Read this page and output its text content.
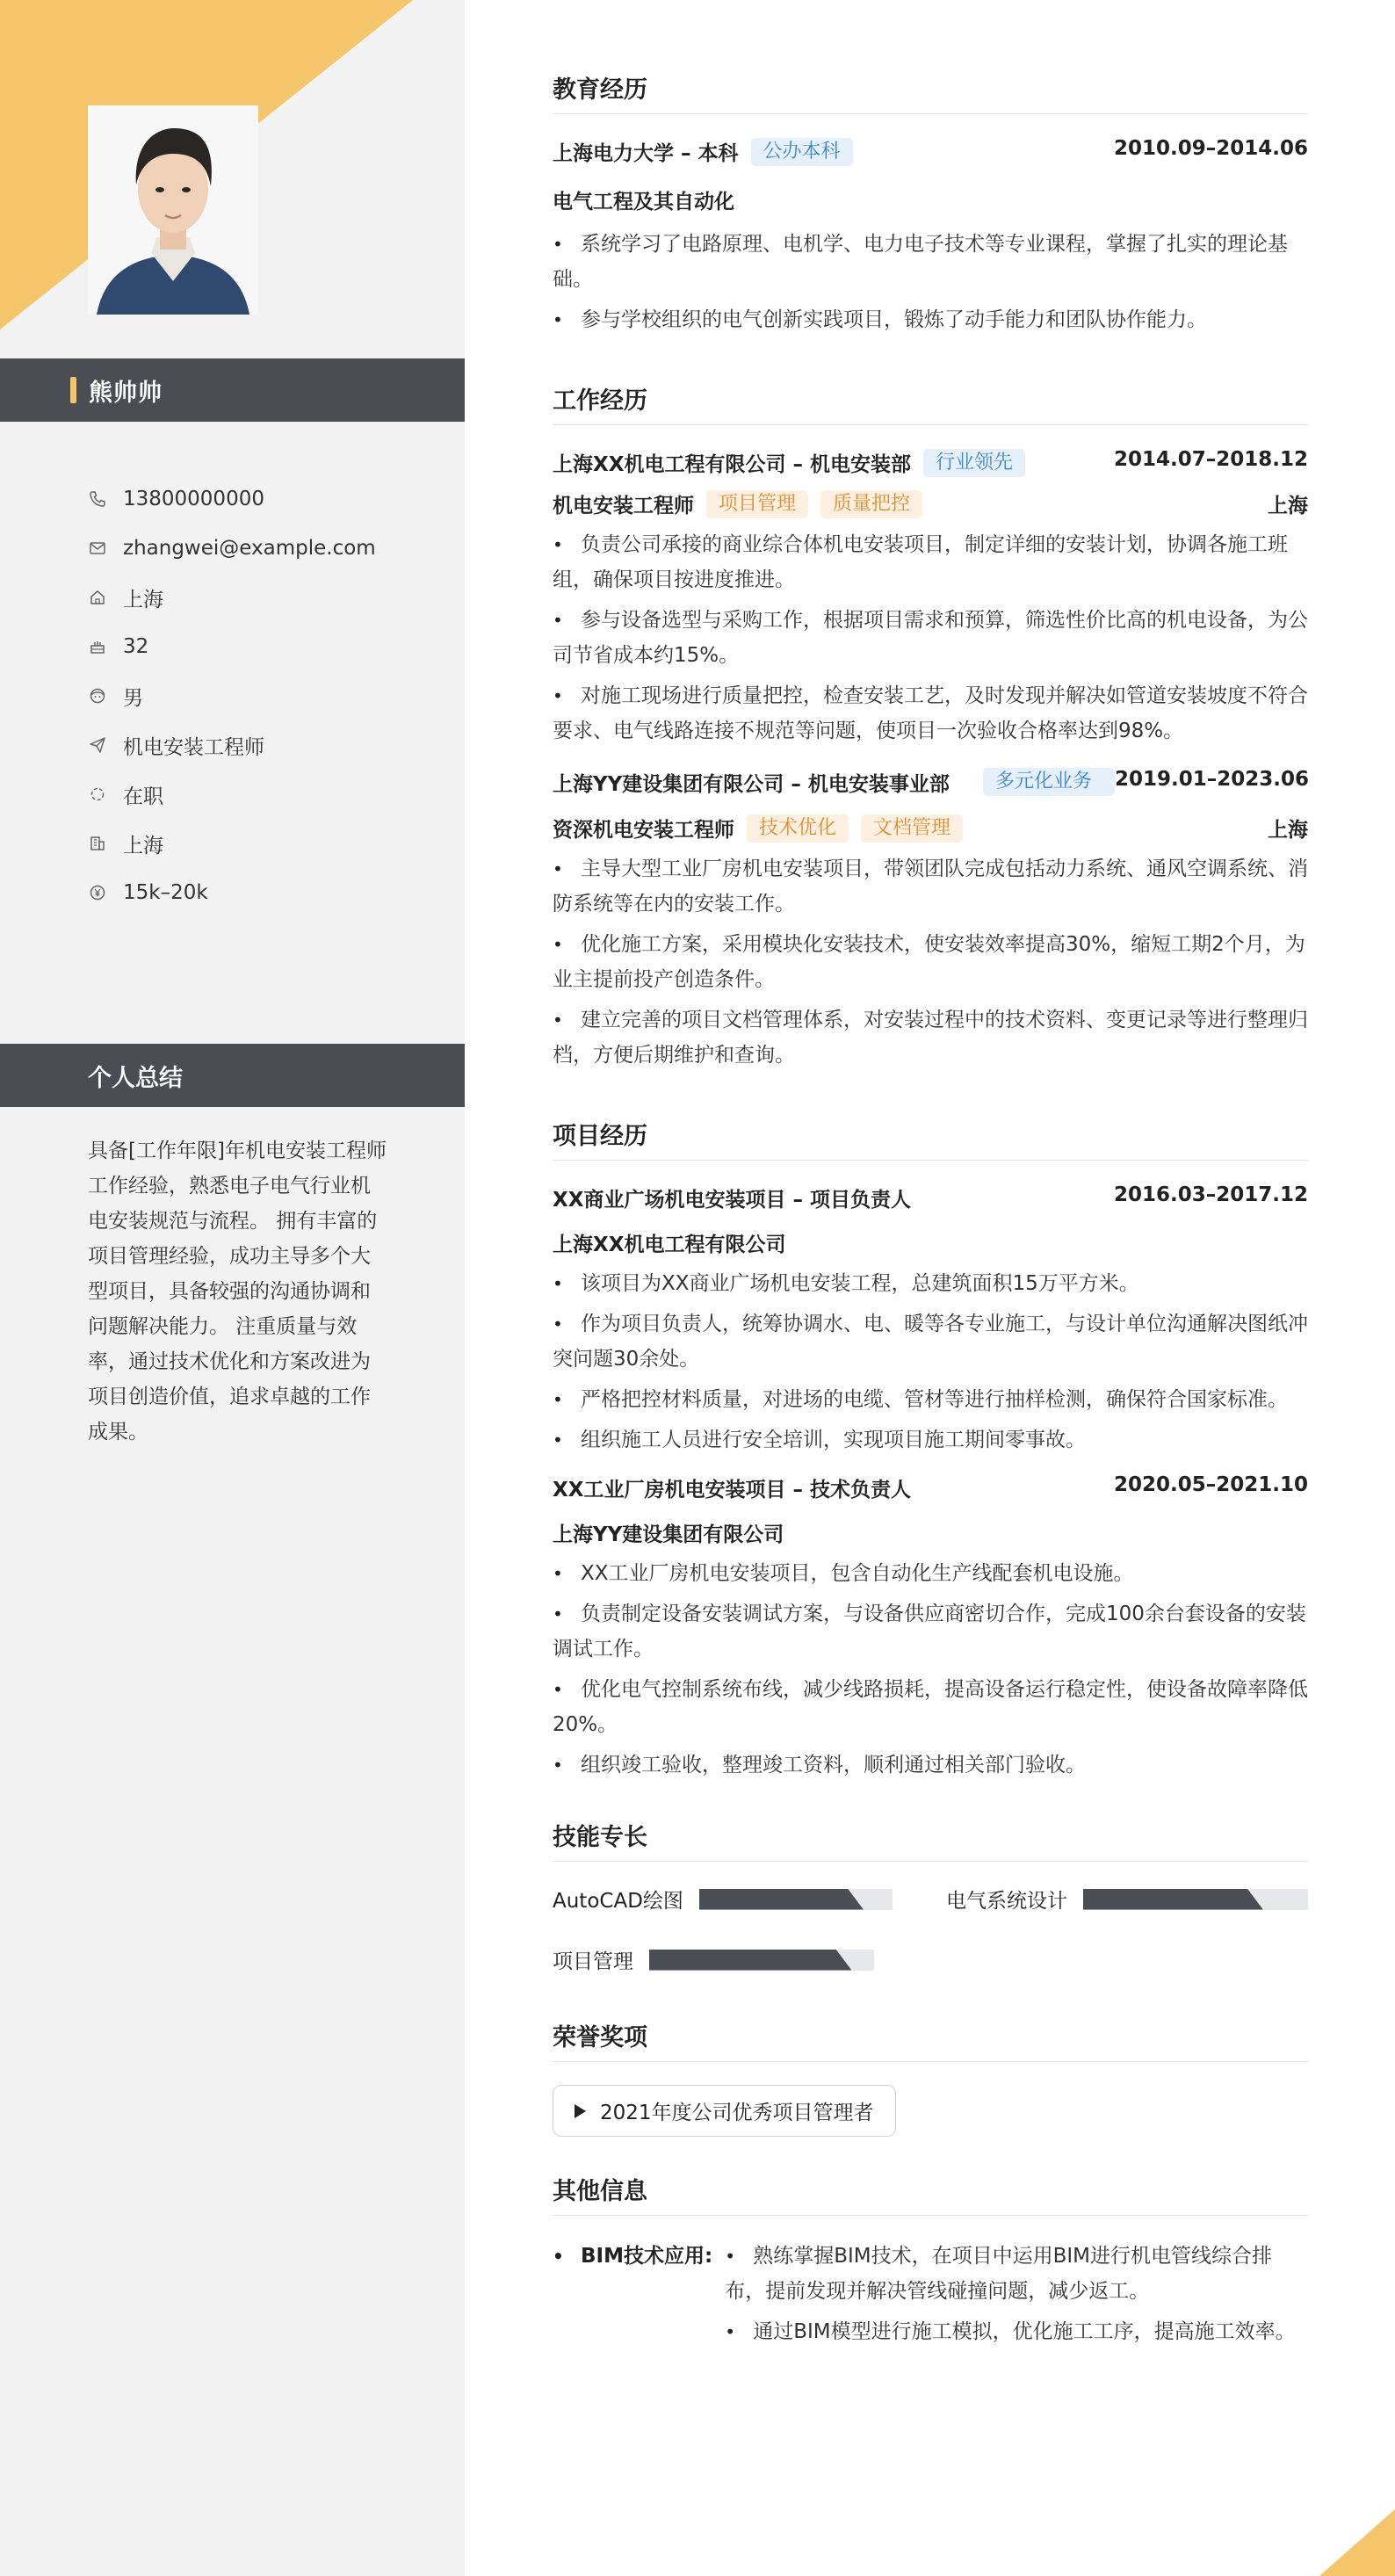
熊帅帅
13800000000
zhangwei@example.com
上海
32
男
机电安装工程师
在职
上海
15k–20k
个人总结

具备[工作年限]年机电安装工程师工作经验，熟悉电子电气行业机电安装规范与流程。 拥有丰富的项目管理经验，成功主导多个大型项目，具备较强的沟通协调和问题解决能力。 注重质量与效率，通过技术优化和方案改进为项目创造价值，追求卓越的工作成果。

教育经历
上海电力大学 – 本科	公办本科	2010.09–2014.06
电气工程及其自动化
• 系统学习了电路原理、电机学、电力电子技术等专业课程，掌握了扎实的理论基础。
• 参与学校组织的电气创新实践项目，锻炼了动手能力和团队协作能力。
工作经历
上海XX机电工程有限公司 – 机电安装部	行业领先	2014.07–2018.12
机电安装工程师	项目管理	质量把控	上海
• 负责公司承接的商业综合体机电安装项目，制定详细的安装计划，协调各施工班组，确保项目按进度推进。
• 参与设备选型与采购工作，根据项目需求和预算，筛选性价比高的机电设备，为公司节省成本约15%。
• 对施工现场进行质量把控，检查安装工艺，及时发现并解决如管道安装坡度不符合要求、电气线路连接不规范等问题，使项目一次验收合格率达到98%。
上海YY建设集团有限公司 – 机电安装事业部	多元化业务	2019.01–2023.06
资深机电安装工程师	技术优化	文档管理	上海
• 主导大型工业厂房机电安装项目，带领团队完成包括动力系统、通风空调系统、消防系统等在内的安装工作。
• 优化施工方案，采用模块化安装技术，使安装效率提高30%，缩短工期2个月，为业主提前投产创造条件。
• 建立完善的项目文档管理体系，对安装过程中的技术资料、变更记录等进行整理归档，方便后期维护和查询。
项目经历
XX商业广场机电安装项目 – 项目负责人	2016.03–2017.12
上海XX机电工程有限公司
• 该项目为XX商业广场机电安装工程，总建筑面积15万平方米。
• 作为项目负责人，统筹协调水、电、暖等各专业施工，与设计单位沟通解决图纸冲突问题30余处。
• 严格把控材料质量，对进场的电缆、管材等进行抽样检测，确保符合国家标准。
• 组织施工人员进行安全培训，实现项目施工期间零事故。
XX工业厂房机电安装项目 – 技术负责人	2020.05–2021.10
上海YY建设集团有限公司
• XX工业厂房机电安装项目，包含自动化生产线配套机电设施。
• 负责制定设备安装调试方案，与设备供应商密切合作，完成100余台套设备的安装调试工作。
• 优化电气控制系统布线，减少线路损耗，提高设备运行稳定性，使设备故障率降低20%。
• 组织竣工验收，整理竣工资料，顺利通过相关部门验收。
技能专长
AutoCAD绘图	电气系统设计
项目管理
荣誉奖项
2021年度公司优秀项目管理者
其他信息
• BIM技术应用:
•	熟练掌握BIM技术，在项目中运用BIM进行机电管线综合排布，提前发现并解决管线碰撞问题，减少返工。
• 通过BIM模型进行施工模拟，优化施工工序，提高施工效率。
